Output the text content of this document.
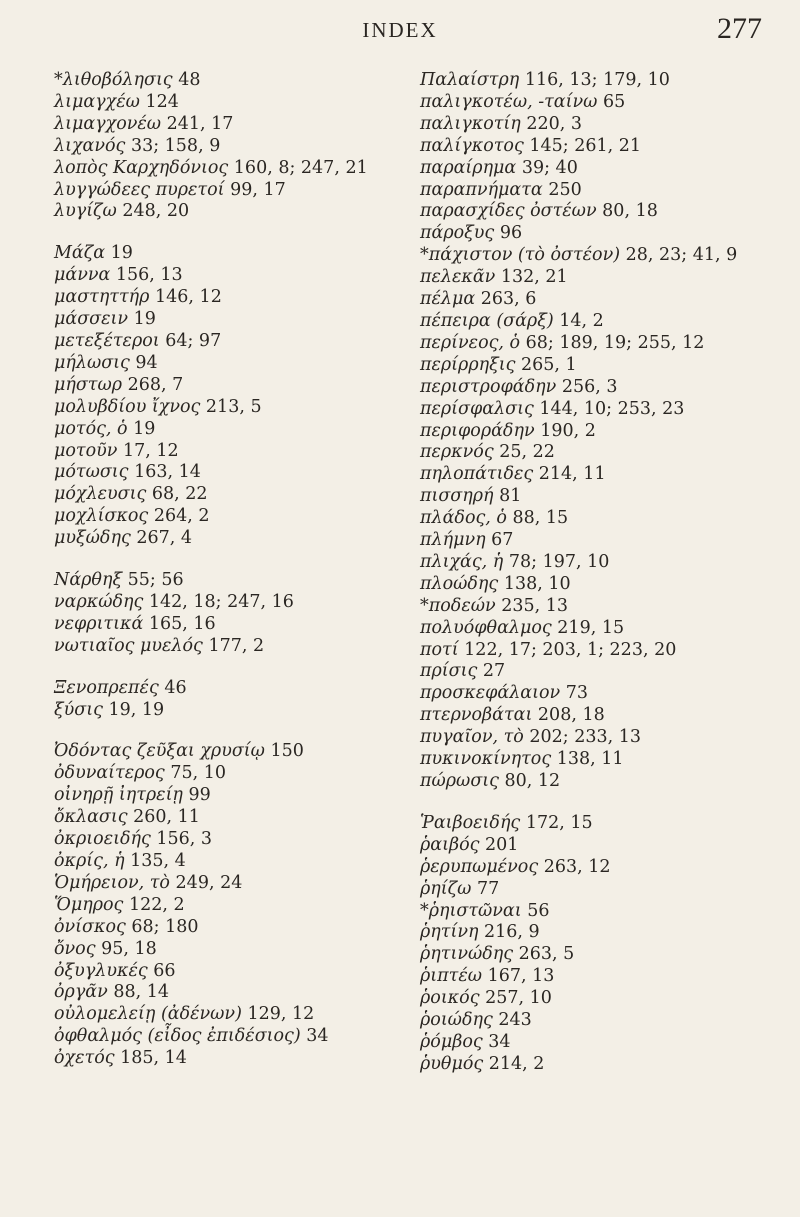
INDEX	277
*λιθοβόλησις 48
λιμαγχέω 124
λιμαγχονέω 241, 17
λιχανός 33; 158, 9
λοπὸς Καρχηδόνιος 160, 8; 247, 21
λυγγώδεες πυρετοί 99, 17
λυγίζω 248, 20
Μάζα 19
μάννα 156, 13
μαστηττήρ 146, 12
μάσσειν 19
μετεξέτεροι 64; 97
μήλωσις 94
μήστωρ 268, 7
μολυβδίου ἴχνος 213, 5
μοτός, ὁ 19
μοτοῦν 17, 12
μότωσις 163, 14
μόχλευσις 68, 22
μοχλίσκος 264, 2
μυξώδης 267, 4
Νάρθηξ 55; 56
ναρκώδης 142, 18; 247, 16
νεφριτικά 165, 16
νωτιαῖος μυελός 177, 2
Ξενοπρεπές 46
ξύσις 19, 19
Ὀδόντας ζεῦξαι χρυσίῳ 150
ὀδυναίτερος 75, 10
οἰνηρῇ ἰητρείῃ 99
ὄκλασις 260, 11
ὀκριοειδής 156, 3
ὀκρίς, ἡ 135, 4
Ὁμήρειον, τὸ 249, 24
Ὅμηρος 122, 2
ὀνίσκος 68; 180
ὄνος 95, 18
ὀξυγλυκές 66
ὀργᾶν 88, 14
οὐλομελείῃ (ἀδένων) 129, 12
ὀφθαλμός (εἶδος ἐπιδέσιος) 34
ὀχετός 185, 14
Παλαίστρη 116, 13; 179, 10
παλιγκοτέω, -ταίνω 65
παλιγκοτίη 220, 3
παλίγκοτος 145; 261, 21
παραίρημα 39; 40
παραπνήματα 250
παρασχίδες ὀστέων 80, 18
πάροξυς 96
*πάχιστον (τὸ ὀστέον) 28, 23; 41, 9
πελεκᾶν 132, 21
πέλμα 263, 6
πέπειρα (σάρξ) 14, 2
περίνεος, ὁ 68; 189, 19; 255, 12
περίρρηξις 265, 1
περιστροφάδην 256, 3
περίσφαλσις 144, 10; 253, 23
περιφοράδην 190, 2
περκνός 25, 22
πηλοπάτιδες 214, 11
πισσηρή 81
πλάδος, ὁ 88, 15
πλήμνη 67
πλιχάς, ἡ 78; 197, 10
πλοώδης 138, 10
*ποδεών 235, 13
πολυόφθαλμος 219, 15
ποτί 122, 17; 203, 1; 223, 20
πρίσις 27
προσκεφάλαιον 73
πτερνοβάται 208, 18
πυγαῖον, τὸ 202; 233, 13
πυκινοκίνητος 138, 11
πώρωσις 80, 12
Ῥαιβοειδής 172, 15
ῥαιβός 201
ῥερυπωμένος 263, 12
ῥηίζω 77
*ῥηιστῶναι 56
ῥητίνη 216, 9
ῥητινώδης 263, 5
ῥιπτέω 167, 13
ῥοικός 257, 10
ῥοιώδης 243
ῥόμβος 34
ῥυθμός 214, 2
